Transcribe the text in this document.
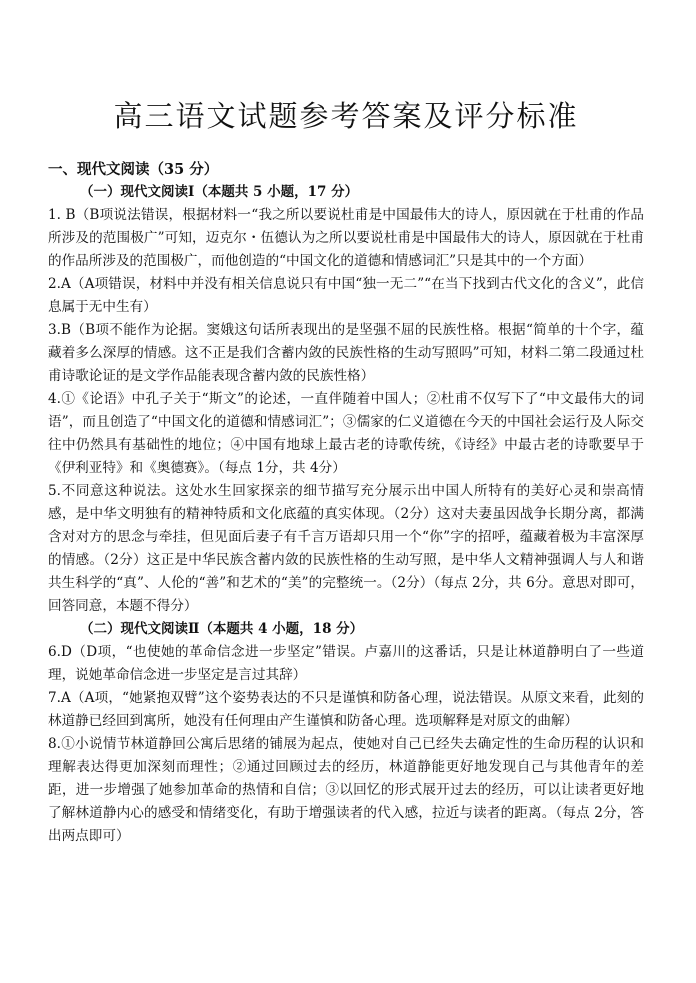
高三语文试题参考答案及评分标准

一、现代文阅读（35 分）

（一）现代文阅读Ⅰ（本题共 5 小题，17 分）

1. B（B项说法错误，根据材料一“我之所以要说杜甫是中国最伟大的诗人，原因就在于杜甫的作品所涉及的范围极广”可知，迈克尔・伍德认为之所以要说杜甫是中国最伟大的诗人，原因就在于杜甫的作品所涉及的范围极广，而他创造的“中国文化的道德和情感词汇”只是其中的一个方面）

2.A（A项错误，材料中并没有相关信息说只有中国“独一无二”“在当下找到古代文化的含义”，此信息属于无中生有）

3.B（B项不能作为论据。窦娥这句话所表现出的是坚强不屈的民族性格。根据“简单的十个字，蕴藏着多么深厚的情感。这不正是我们含蓄内敛的民族性格的生动写照吗”可知，材料二第二段通过杜甫诗歌论证的是文学作品能表现含蓄内敛的民族性格）

4.①《论语》中孔子关于“斯文”的论述，一直伴随着中国人；②杜甫不仅写下了“中文最伟大的词语”，而且创造了“中国文化的道德和情感词汇”；③儒家的仁义道德在今天的中国社会运行及人际交往中仍然具有基础性的地位；④中国有地球上最古老的诗歌传统，《诗经》中最古老的诗歌要早于《伊利亚特》和《奥德赛》。（每点 1分，共 4分）

5.不同意这种说法。这处水生回家探亲的细节描写充分展示出中国人所特有的美好心灵和崇高情感，是中华文明独有的精神特质和文化底蕴的真实体现。（2分）这对夫妻虽因战争长期分离，都满含对对方的思念与牵挂，但见面后妻子有千言万语却只用一个“你”字的招呼，蕴藏着极为丰富深厚的情感。（2分）这正是中华民族含蓄内敛的民族性格的生动写照，是中华人文精神强调人与人和谐共生科学的“真”、人伦的“善”和艺术的“美”的完整统一。（2分）（每点 2分，共 6分。意思对即可，回答同意，本题不得分）

（二）现代文阅读Ⅱ（本题共 4 小题，18 分）

6.D（D项，“也使她的革命信念进一步坚定”错误。卢嘉川的这番话，只是让林道静明白了一些道理，说她革命信念进一步坚定是言过其辞）

7.A（A项，“她紧抱双臂”这个姿势表达的不只是谨慎和防备心理，说法错误。从原文来看，此刻的林道静已经回到寓所，她没有任何理由产生谨慎和防备心理。选项解释是对原文的曲解）

8.①小说情节林道静回公寓后思绪的铺展为起点，使她对自己已经失去确定性的生命历程的认识和理解表达得更加深刻而理性；②通过回顾过去的经历，林道静能更好地发现自己与其他青年的差距，进一步增强了她参加革命的热情和自信；③以回忆的形式展开过去的经历，可以让读者更好地了解林道静内心的感受和情绪变化，有助于增强读者的代入感，拉近与读者的距离。（每点 2分，答出两点即可）
